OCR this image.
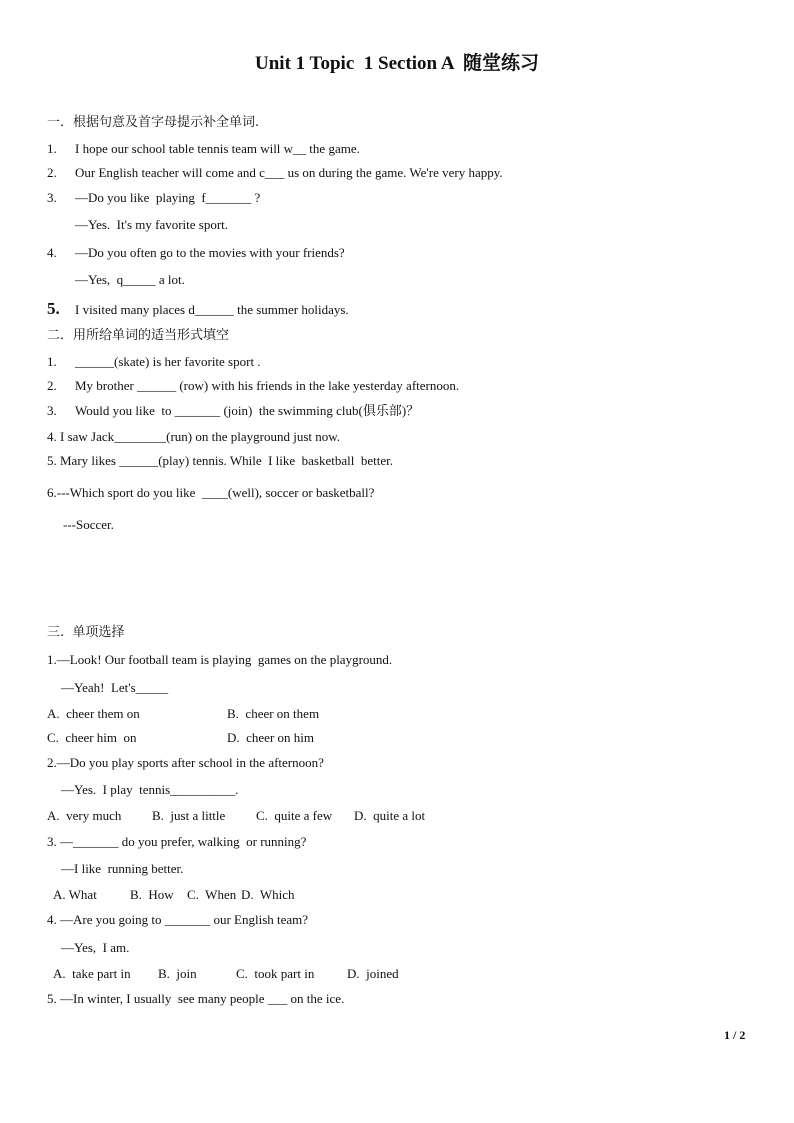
Unit 1 Topic  1 Section A  随堂练习
一．根据句意及首字母提示补全单词.
1. I hope our school table tennis team will w__ the game.
2. Our English teacher will come and c___ us on during the game. We're very happy.
3. —Do you like  playing  f_______ ?
—Yes.  It's my favorite sport.
4. —Do you often go to the movies with your friends?
—Yes,  q_____ a lot.
5. I visited many places d______ the summer holidays.
二．用所给单词的适当形式填空
1. ______(skate) is her favorite sport .
2. My brother ______ (row) with his friends in the lake yesterday afternoon.
3. Would you like  to _______ (join)  the swimming club(俱乐部)？
4. I saw Jack________(run) on the playground just now.
5. Mary likes ______(play) tennis. While  I like  basketball  better.
6.---Which sport do you like  ____(well), soccer or basketball?
---Soccer.
三.  单项选择
1.—Look! Our football team is playing  games on the playground.
—Yeah!  Let's_____
A.  cheer them on	B.  cheer on them
C.  cheer him  on	D.  cheer on him
2.—Do you play sports after school in the afternoon?
—Yes.  I play  tennis__________.
A.  very much B.  just a little C.  quite a few D.  quite a lot
3. —_______ do you prefer, walking  or running?
—I like  running better.
A. What	B.  How C.  When D.  Which
4. —Are you going to _______ our English team?
—Yes,  I am.
A.  take part in B.  join	C.  took part in	D.  joined
5. —In winter, I usually  see many people ___ on the ice.
1 / 2
